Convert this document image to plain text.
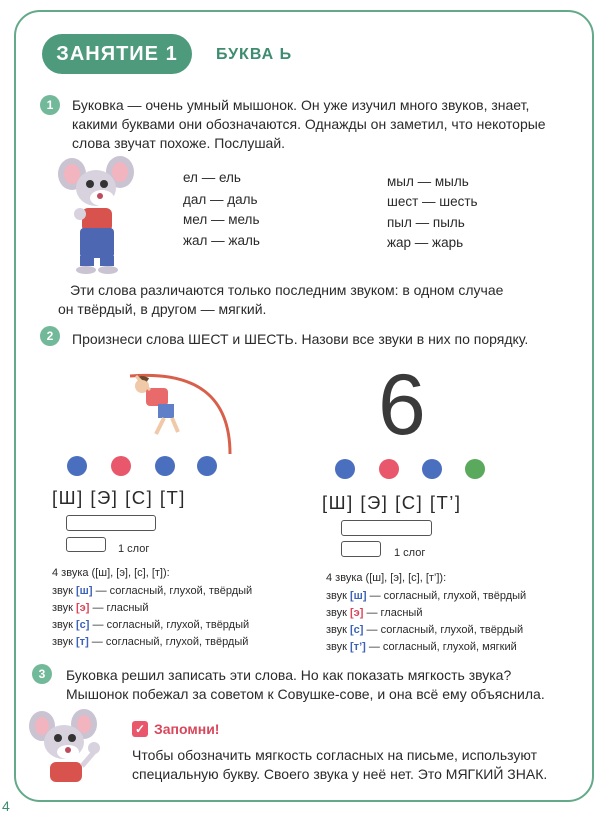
ЗАНЯТИЕ 1	БУКВА Ь
1	Буковка — очень умный мышонок. Он уже изучил много звуков, знает,
какими буквами они обозначаются. Однажды он заметил, что некоторые
слова звучат похоже. Послушай.
ел — ель
дал — даль
мел — мель
жал — жаль
мыл — мыль
шест — шесть
пыл — пыль
жар — жарь
Эти слова различаются только последним звуком: в одном случае
он твёрдый, в другом — мягкий.
2	Произнеси слова ШЕСТ и ШЕСТЬ. Назови все звуки в них по порядку.
6
[Ш] [Э] [С] [Т]
1 слог
4 звука ([ш], [э], [с], [т]):
звук [ш] — согласный, глухой, твёрдый
звук [э] — гласный
звук [с] — согласный, глухой, твёрдый
звук [т] — согласный, глухой, твёрдый
[Ш] [Э] [С] [Т’]
1 слог
4 звука ([ш], [э], [с], [т’]):
звук [ш] — согласный, глухой, твёрдый
звук [э] — гласный
звук [с] — согласный, глухой, твёрдый
звук [т’] — согласный, глухой, мягкий
3	Буковка решил записать эти слова. Но как показать мягкость звука?
Мышонок побежал за советом к Совушке-сове, и она всё ему объяснила.
✓ Запомни!
Чтобы обозначить мягкость согласных на письме, используют
специальную букву. Своего звука у неё нет. Это МЯГКИЙ ЗНАК.
4
